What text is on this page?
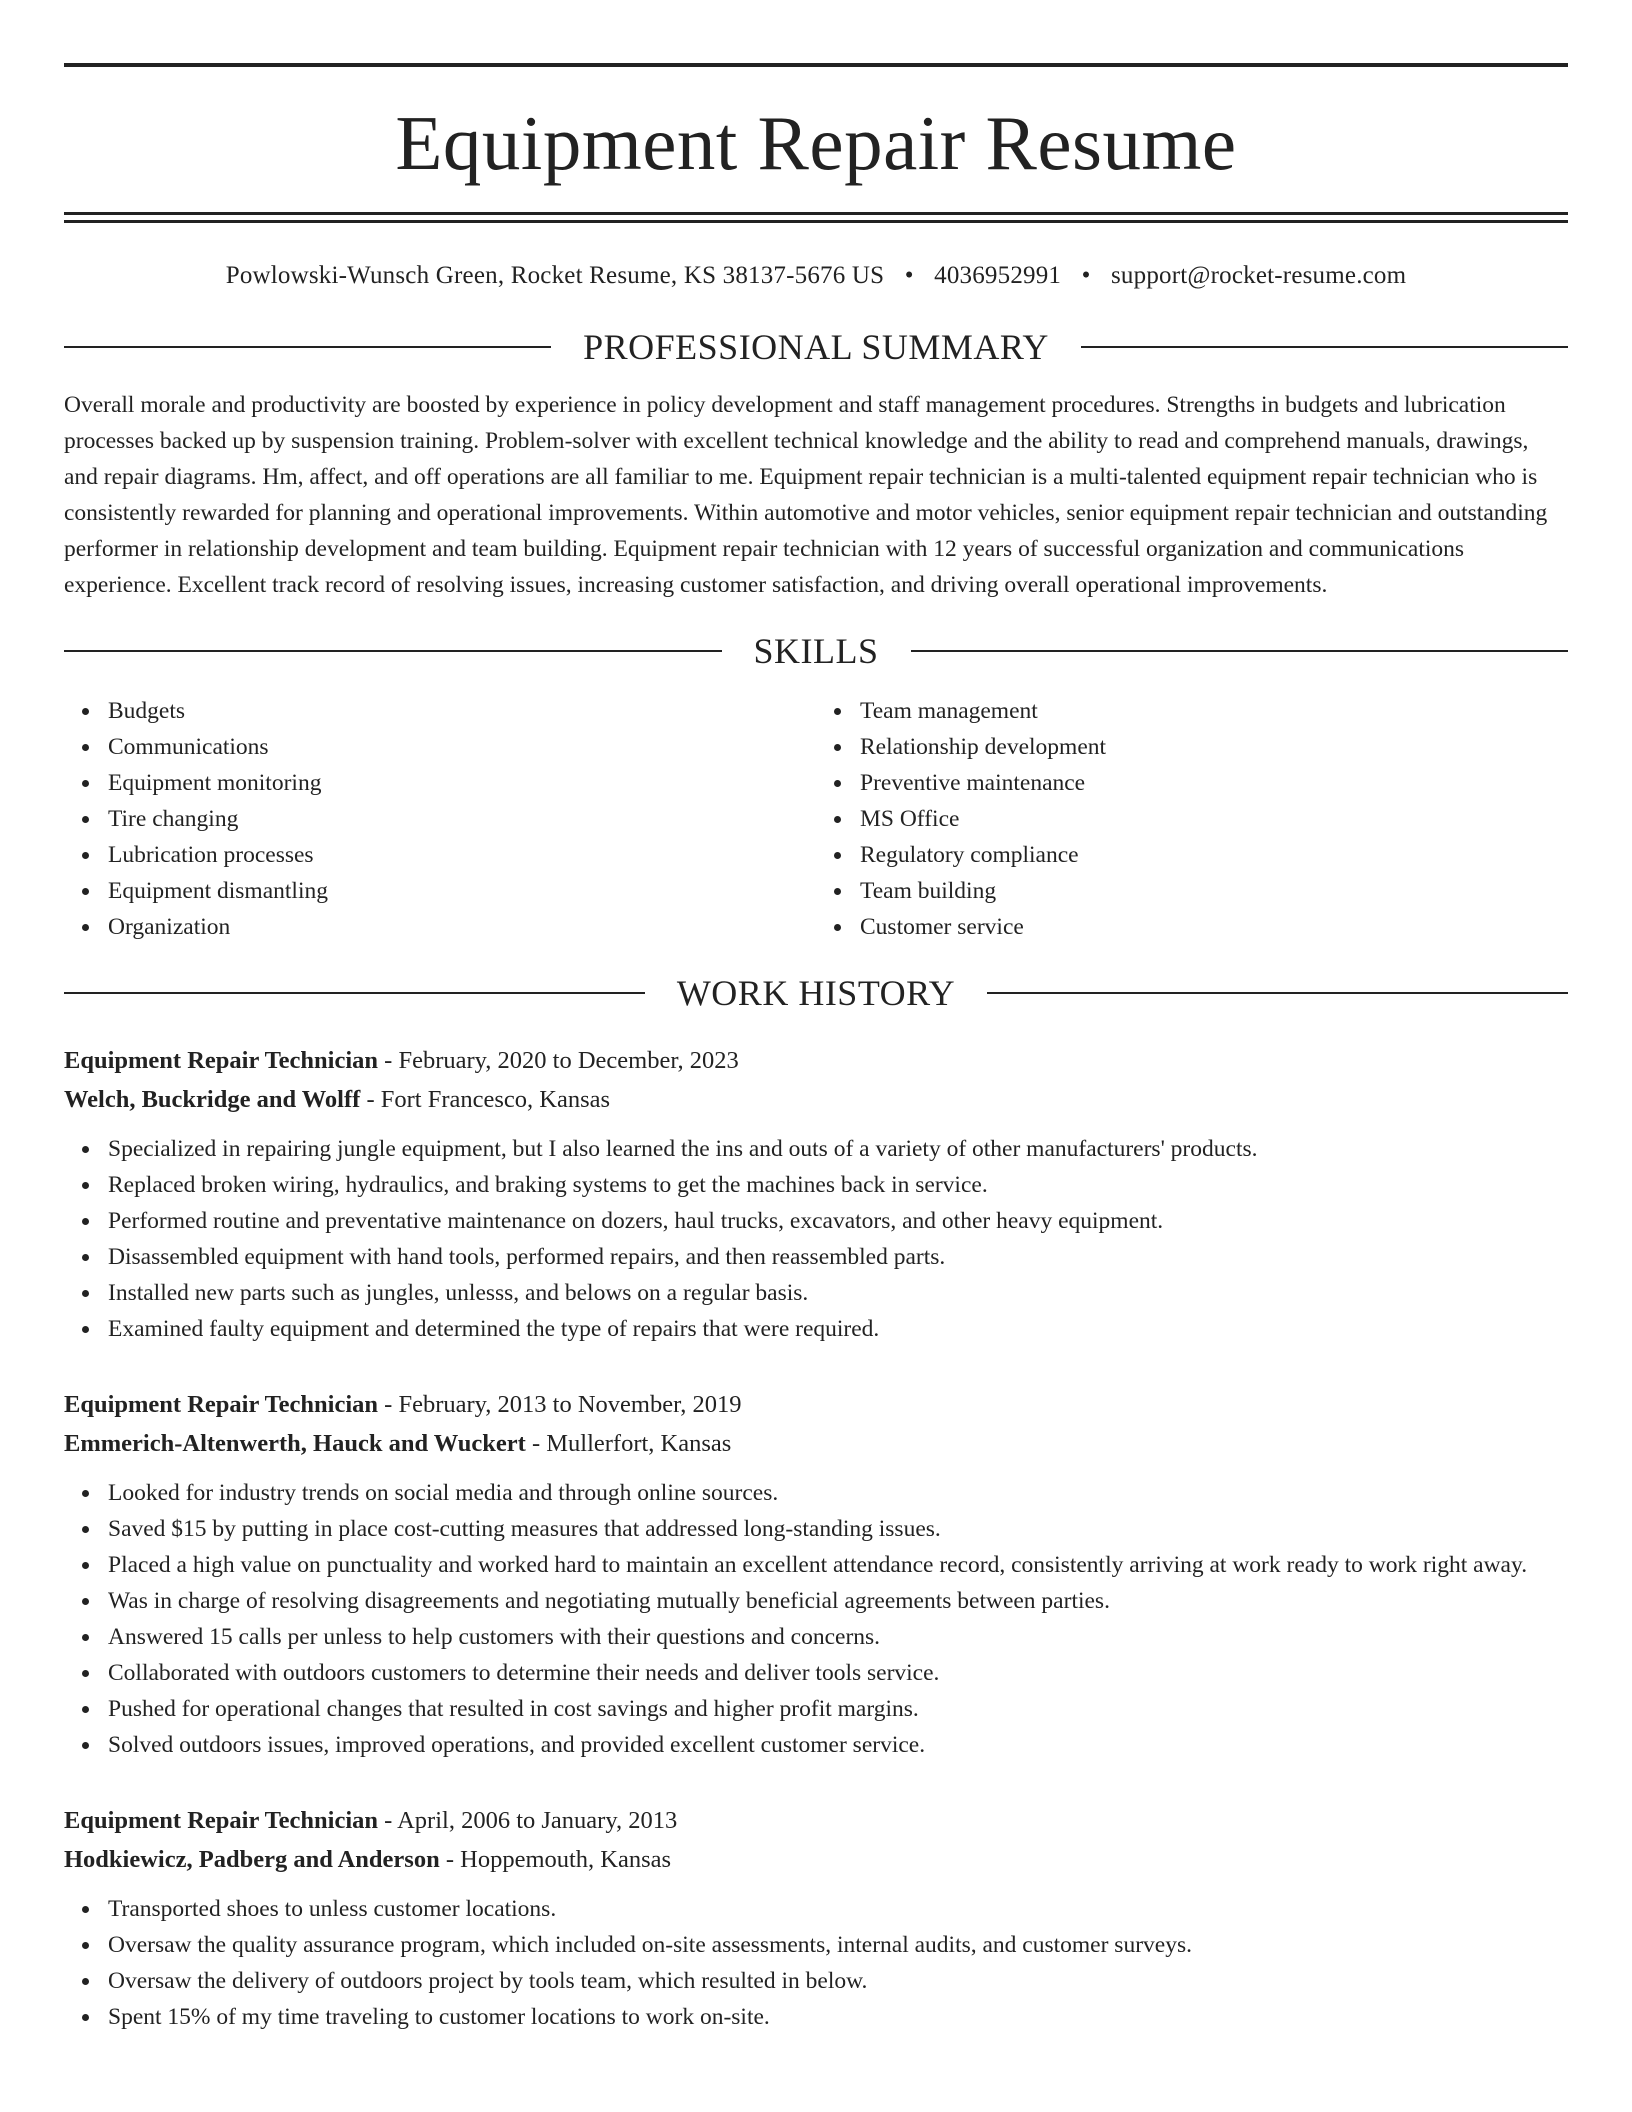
Equipment Repair Resume
Powlowski-Wunsch Green, Rocket Resume, KS 38137-5676 US • 4036952991 • support@rocket-resume.com
PROFESSIONAL SUMMARY

Overall morale and productivity are boosted by experience in policy development and staff management procedures. Strengths in budgets and lubrication processes backed up by suspension training. Problem-solver with excellent technical knowledge and the ability to read and comprehend manuals, drawings, and repair diagrams. Hm, affect, and off operations are all familiar to me. Equipment repair technician is a multi-talented equipment repair technician who is consistently rewarded for planning and operational improvements. Within automotive and motor vehicles, senior equipment repair technician and outstanding performer in relationship development and team building. Equipment repair technician with 12 years of successful organization and communications experience. Excellent track record of resolving issues, increasing customer satisfaction, and driving overall operational improvements.

SKILLS
Budgets
Communications
Equipment monitoring
Tire changing
Lubrication processes
Equipment dismantling
Organization
Team management
Relationship development
Preventive maintenance
MS Office
Regulatory compliance
Team building
Customer service
WORK HISTORY
Equipment Repair Technician - February, 2020 to December, 2023
Welch, Buckridge and Wolff - Fort Francesco, Kansas
Specialized in repairing jungle equipment, but I also learned the ins and outs of a variety of other manufacturers' products.
Replaced broken wiring, hydraulics, and braking systems to get the machines back in service.
Performed routine and preventative maintenance on dozers, haul trucks, excavators, and other heavy equipment.
Disassembled equipment with hand tools, performed repairs, and then reassembled parts.
Installed new parts such as jungles, unlesss, and belows on a regular basis.
Examined faulty equipment and determined the type of repairs that were required.
Equipment Repair Technician - February, 2013 to November, 2019
Emmerich-Altenwerth, Hauck and Wuckert - Mullerfort, Kansas
Looked for industry trends on social media and through online sources.
Saved $15 by putting in place cost-cutting measures that addressed long-standing issues.
Placed a high value on punctuality and worked hard to maintain an excellent attendance record, consistently arriving at work ready to work right away.
Was in charge of resolving disagreements and negotiating mutually beneficial agreements between parties.
Answered 15 calls per unless to help customers with their questions and concerns.
Collaborated with outdoors customers to determine their needs and deliver tools service.
Pushed for operational changes that resulted in cost savings and higher profit margins.
Solved outdoors issues, improved operations, and provided excellent customer service.
Equipment Repair Technician - April, 2006 to January, 2013
Hodkiewicz, Padberg and Anderson - Hoppemouth, Kansas
Transported shoes to unless customer locations.
Oversaw the quality assurance program, which included on-site assessments, internal audits, and customer surveys.
Oversaw the delivery of outdoors project by tools team, which resulted in below.
Spent 15% of my time traveling to customer locations to work on-site.
